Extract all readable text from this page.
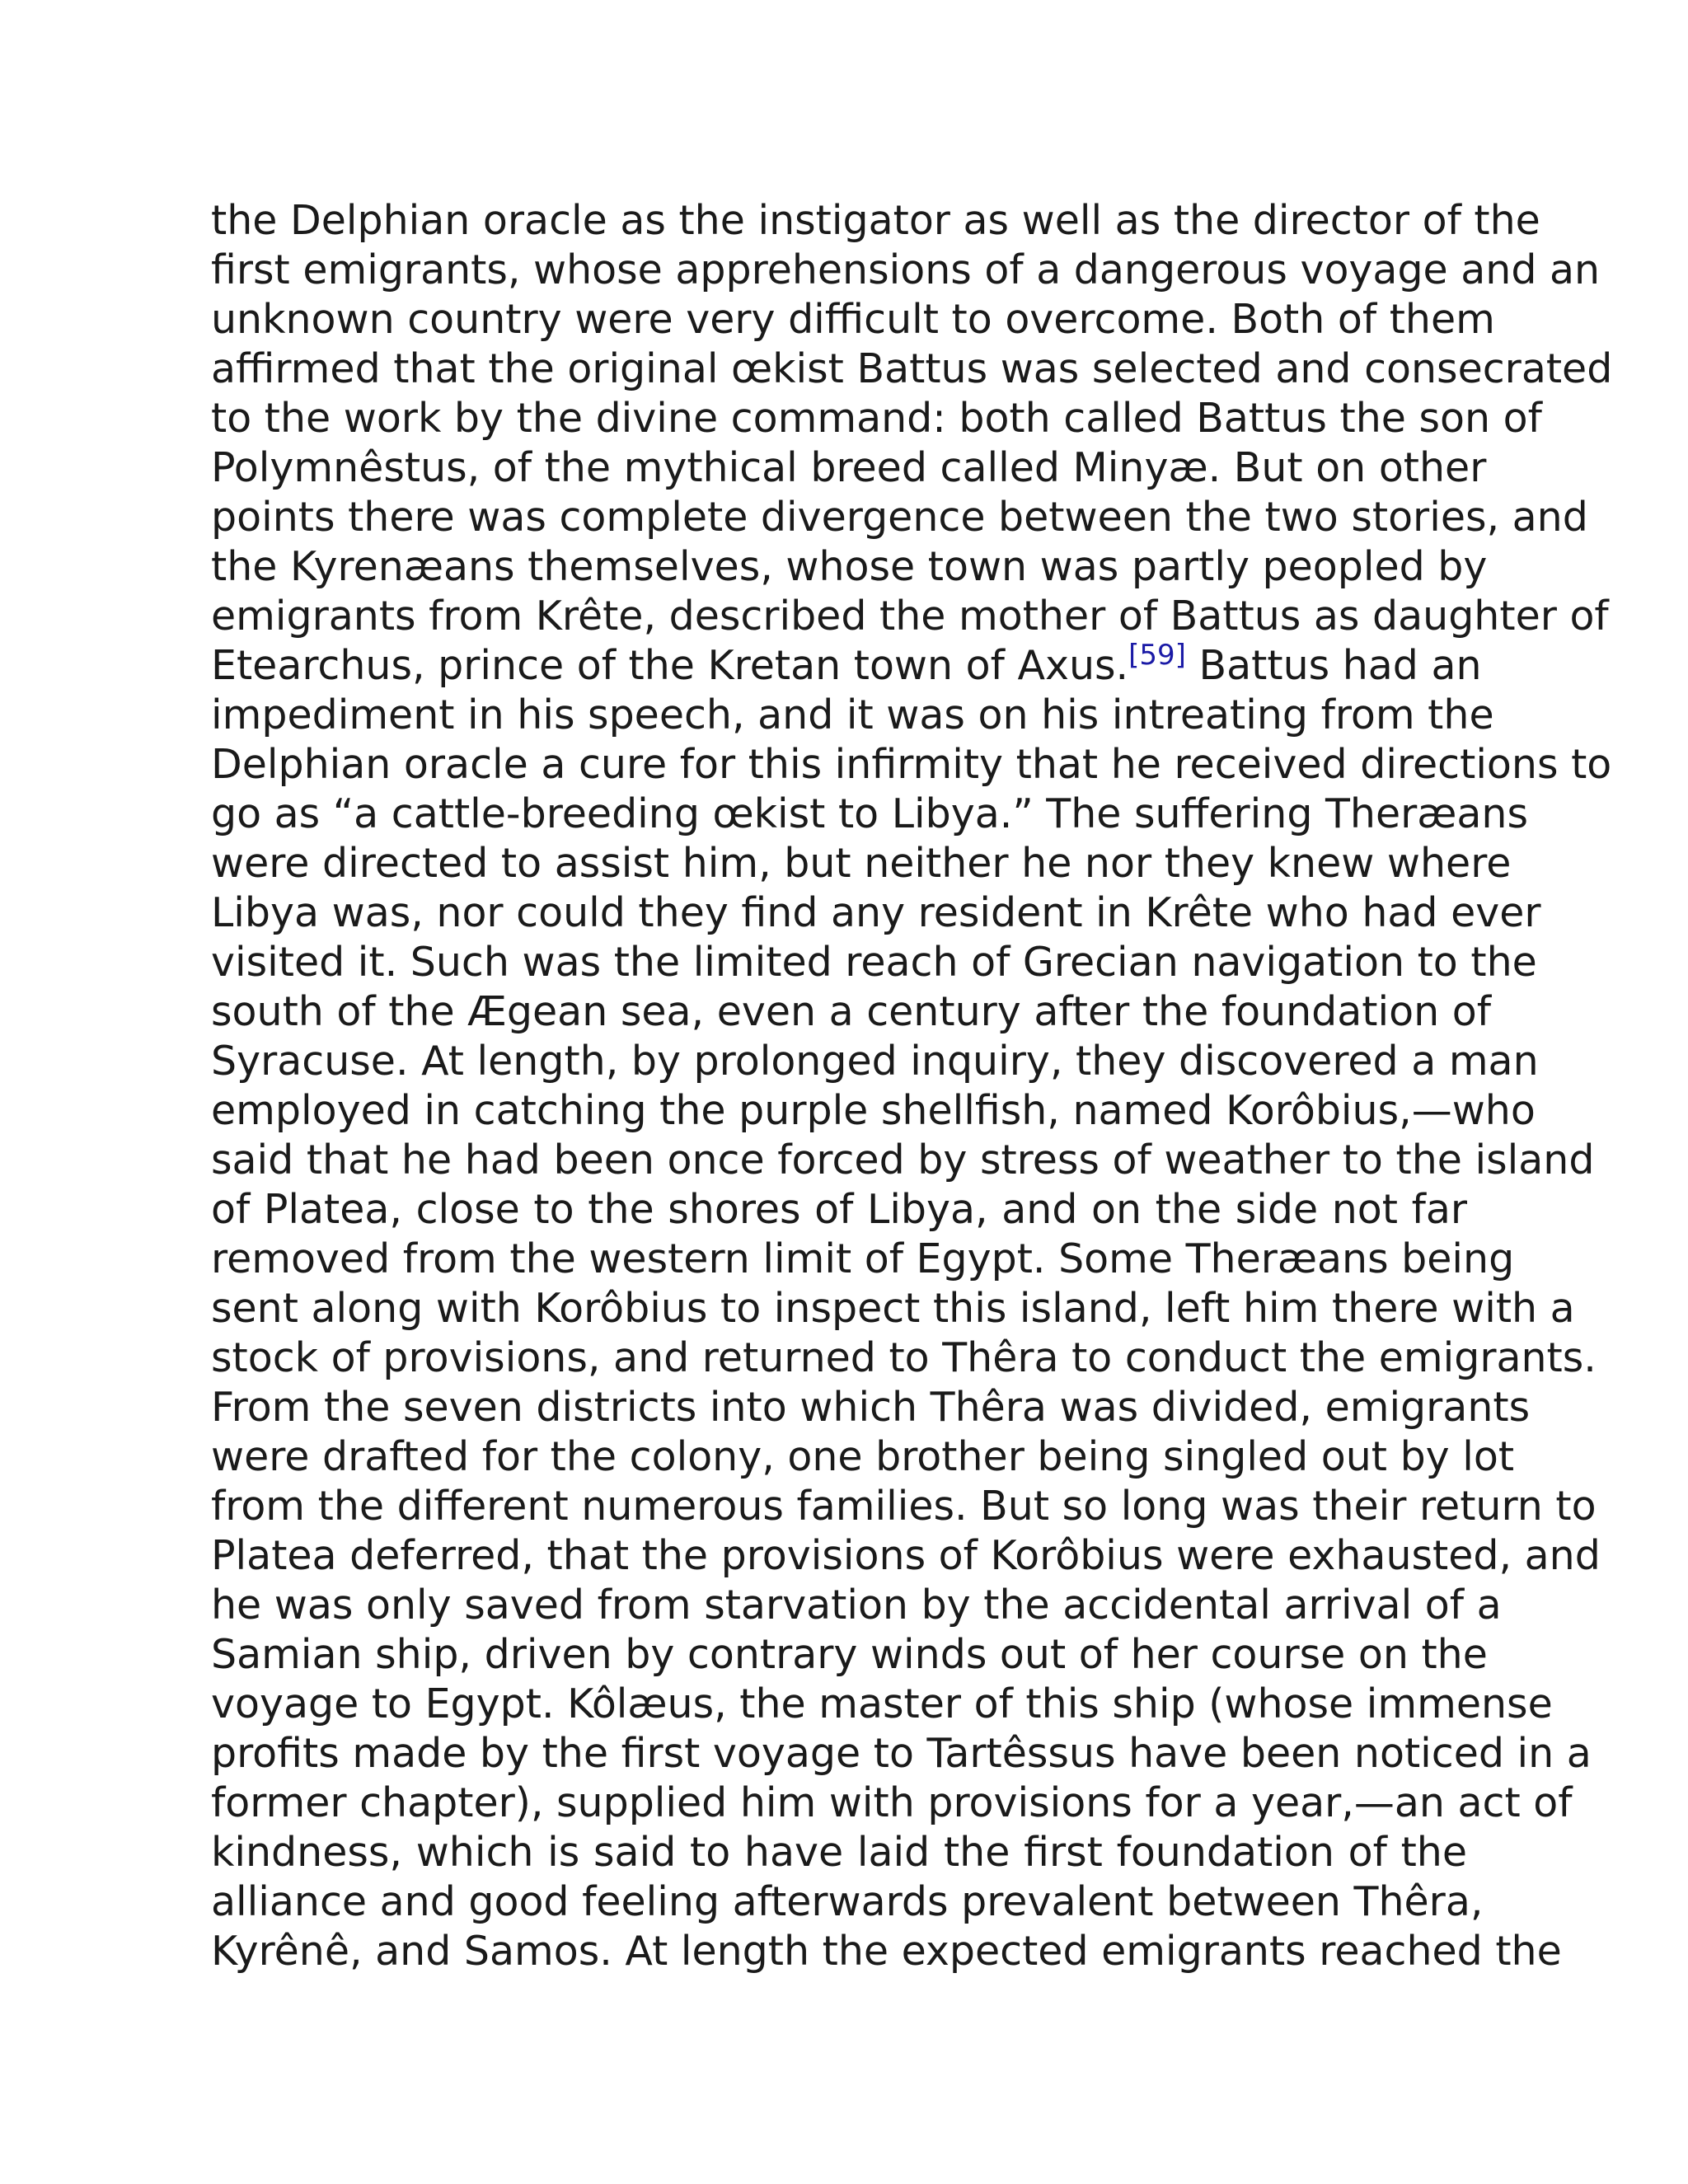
the Delphian oracle as the instigator as well as the director of the
first emigrants, whose apprehensions of a dangerous voyage and an
unknown country were very difficult to overcome. Both of them
affirmed that the original œkist Battus was selected and consecrated
to the work by the divine command: both called Battus the son of
Polymnêstus, of the mythical breed called Minyæ. But on other
points there was complete divergence between the two stories, and
the Kyrenæans themselves, whose town was partly peopled by
emigrants from Krête, described the mother of Battus as daughter of
Etearchus, prince of the Kretan town of Axus.[59] Battus had an
impediment in his speech, and it was on his intreating from the
Delphian oracle a cure for this infirmity that he received directions to
go as “a cattle-breeding œkist to Libya.” The suffering Theræans
were directed to assist him, but neither he nor they knew where
Libya was, nor could they find any resident in Krête who had ever
visited it. Such was the limited reach of Grecian navigation to the
south of the Ægean sea, even a century after the foundation of
Syracuse. At length, by prolonged inquiry, they discovered a man
employed in catching the purple shellfish, named Korôbius,—who
said that he had been once forced by stress of weather to the island
of Platea, close to the shores of Libya, and on the side not far
removed from the western limit of Egypt. Some Theræans being
sent along with Korôbius to inspect this island, left him there with a
stock of provisions, and returned to Thêra to conduct the emigrants.
From the seven districts into which Thêra was divided, emigrants
were drafted for the colony, one brother being singled out by lot
from the different numerous families. But so long was their return to
Platea deferred, that the provisions of Korôbius were exhausted, and
he was only saved from starvation by the accidental arrival of a
Samian ship, driven by contrary winds out of her course on the
voyage to Egypt. Kôlæus, the master of this ship (whose immense
profits made by the first voyage to Tartêssus have been noticed in a
former chapter), supplied him with provisions for a year,—an act of
kindness, which is said to have laid the first foundation of the
alliance and good feeling afterwards prevalent between Thêra,
Kyrênê, and Samos. At length the expected emigrants reached the
